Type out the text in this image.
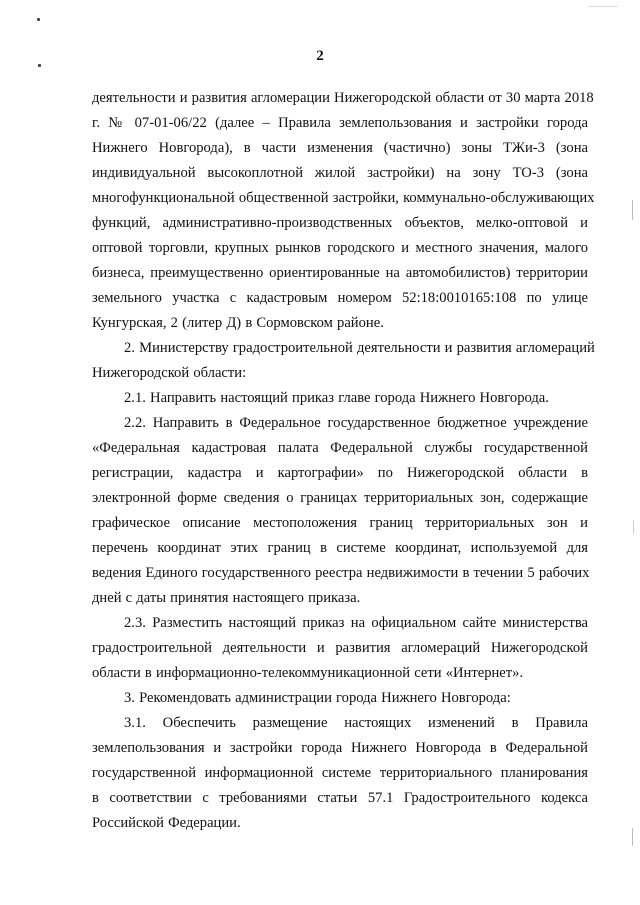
2

деятельности и развития агломерации Нижегородской области от 30 марта 2018
г. № 07-01-06/22 (далее – Правила землепользования и застройки города
Нижнего Новгорода), в части изменения (частично) зоны ТЖи-3 (зона
индивидуальной высокоплотной жилой застройки) на зону ТО-3 (зона
многофункциональной общественной застройки, коммунально-обслуживающих
функций, административно-производственных объектов, мелко-оптовой и
оптовой торговли, крупных рынков городского и местного значения, малого
бизнеса, преимущественно ориентированные на автомобилистов) территории
земельного участка с кадастровым номером 52:18:0010165:108 по улице
Кунгурская, 2 (литер Д) в Сормовском районе.

2. Министерству градостроительной деятельности и развития агломераций
Нижегородской области:

2.1. Направить настоящий приказ главе города Нижнего Новгорода.

2.2. Направить в Федеральное государственное бюджетное учреждение
«Федеральная кадастровая палата Федеральной службы государственной
регистрации, кадастра и картографии» по Нижегородской области в
электронной форме сведения о границах территориальных зон, содержащие
графическое описание местоположения границ территориальных зон и
перечень координат этих границ в системе координат, используемой для
ведения Единого государственного реестра недвижимости в течении 5 рабочих
дней с даты принятия настоящего приказа.

2.3. Разместить настоящий приказ на официальном сайте министерства
градостроительной деятельности и развития агломераций Нижегородской
области в информационно-телекоммуникационной сети «Интернет».

3. Рекомендовать администрации города Нижнего Новгорода:

3.1. Обеспечить размещение настоящих изменений в Правила
землепользования и застройки города Нижнего Новгорода в Федеральной
государственной информационной системе территориального планирования
в соответствии с требованиями статьи 57.1 Градостроительного кодекса
Российской Федерации.
